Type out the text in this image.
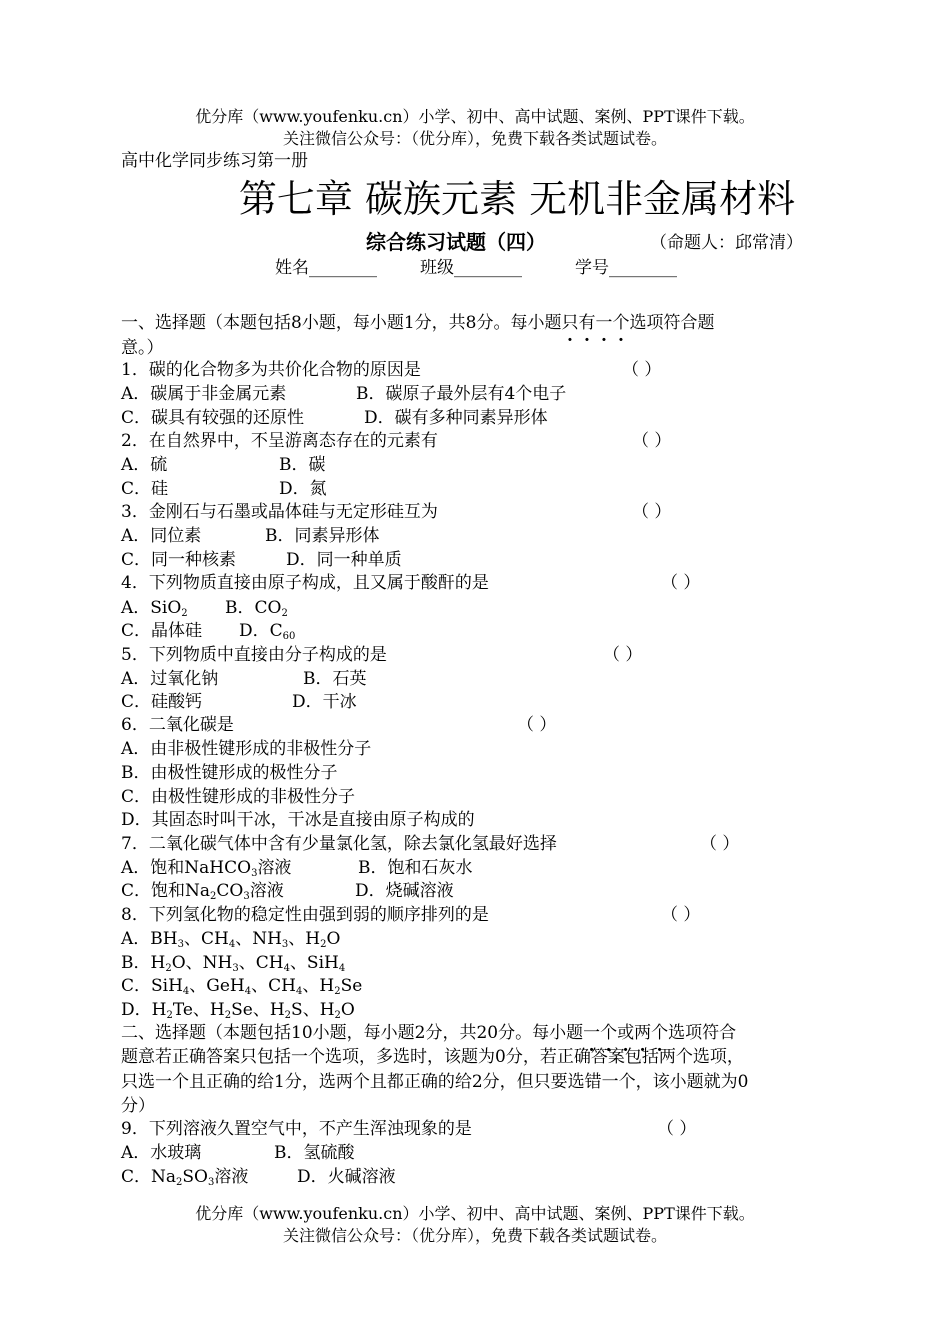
优分库（www.youfenku.cn）小学、初中、高中试题、案例、PPT课件下载。
关注微信公众号：（优分库），免费下载各类试题试卷。
高中化学同步练习第一册
第七章 碳族元素 无机非金属材料
综合练习试题（四）	（命题人：邱常清）
姓名________	班级________	学号________
一、选择题（本题包括8小题，每小题1分，共8分。每小题只有一个选项符合题
意。）
1．碳的化合物多为共价化合物的原因是	（ ）
A．碳属于非金属元素	B．碳原子最外层有4个电子
C．碳具有较强的还原性	D．碳有多种同素异形体
2．在自然界中，不呈游离态存在的元素有	（ ）
A．硫	B．碳
C．硅	D．氮
3．金刚石与石墨或晶体硅与无定形硅互为	（ ）
A．同位素	B．同素异形体
C．同一种核素	D．同一种单质
4．下列物质直接由原子构成，且又属于酸酐的是	（ ）
A．SiO$_2$ B．$CO_2$
C．晶体硅 D．$C_{60}$
5．下列物质中直接由分子构成的是	（ ）
A．过氧化钠	B．石英
C．硅酸钙	D．干冰
6．二氧化碳是	（ ）
A．由非极性键形成的非极性分子
B．由极性键形成的极性分子
C．由极性键形成的非极性分子
D．其固态时叫干冰，干冰是直接由原子构成的
7．二氧化碳气体中含有少量氯化氢，除去氯化氢最好选择	（ ）
A．饱和NaHCO$_3$溶液	B．饱和石灰水
C．饱和$Na_2CO_3$溶液	D．烧碱溶液
8．下列氢化物的稳定性由强到弱的顺序排列的是	（ ）
A．$BH_3$、$CH_4$、$NH_3$、$H_2O$
B．$H_2O$、$NH_3$、$CH_4$、SiH$_4$
C．SiH$_4$、GeH$_4$、$CH_4$、$H_2Se$
D．$H_2Te$、$H_2Se$、$H_2S$、$H_2O$
二、选择题（本题包括10小题，每小题2分，共20分。每小题一个或两个选项符合
题意若正确答案只包括一个选项，多选时，该题为0分，若正确答案包括两个选项，
只选一个且正确的给1分，选两个且都正确的给2分，但只要选错一个，该小题就为0
分）
9．下列溶液久置空气中，不产生浑浊现象的是	（ ）
A．水玻璃	B．氢硫酸
C．$Na_2SO_3$溶液	D．火碱溶液
优分库（www.youfenku.cn）小学、初中、高中试题、案例、PPT课件下载。
关注微信公众号：（优分库），免费下载各类试题试卷。
